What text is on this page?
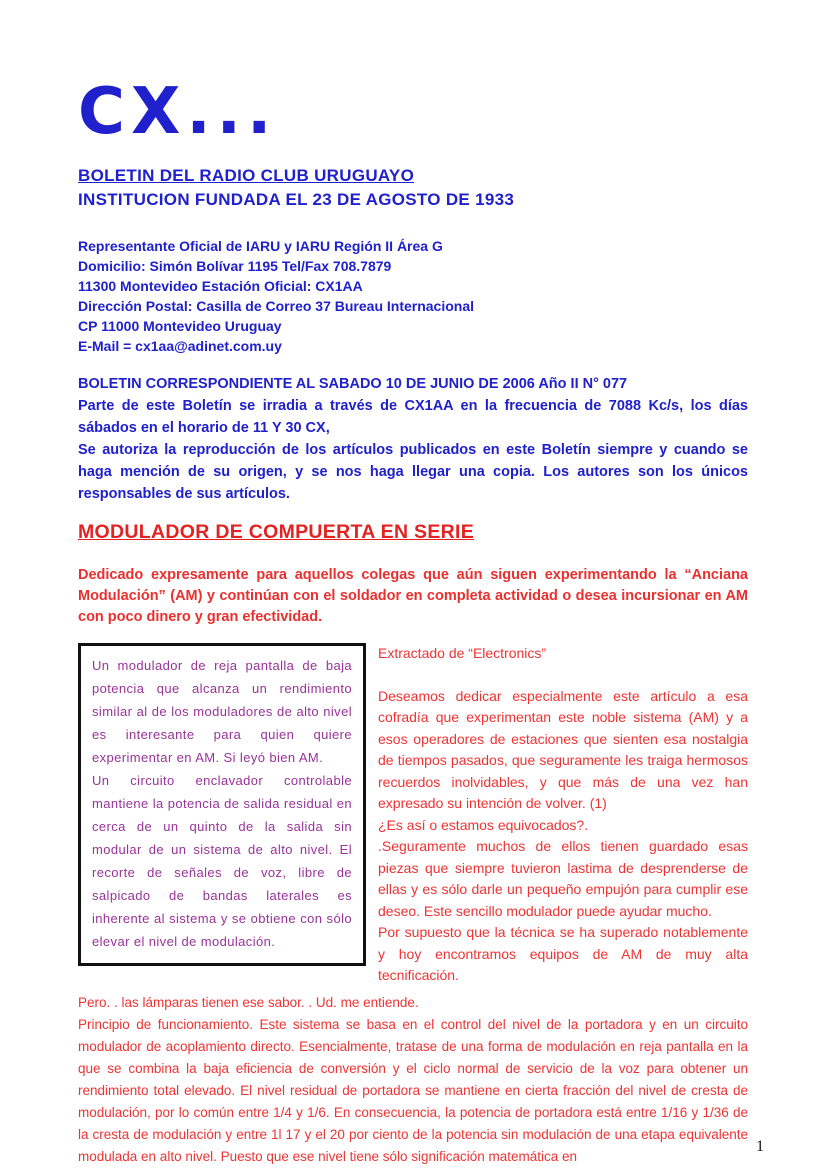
CX...
BOLETIN DEL RADIO CLUB URUGUAYO
INSTITUCION FUNDADA EL 23 DE AGOSTO DE 1933

Representante Oficial de IARU y IARU Región II Área G

Domicilio: Simón Bolívar 1195 Tel/Fax 708.7879

11300 Montevideo Estación Oficial: CX1AA

Dirección Postal: Casilla de Correo 37 Bureau Internacional

CP 11000 Montevideo Uruguay

E-Mail = cx1aa@adinet.com.uy

BOLETIN CORRESPONDIENTE AL SABADO 10 DE JUNIO DE 2006 Año II N° 077

Parte de este Boletín se irradia a través de CX1AA en la frecuencia de 7088 Kc/s, los días sábados en el horario de 11 Y 30 CX,

Se autoriza la reproducción de los artículos publicados en este Boletín siempre y cuando se haga mención de su origen, y se nos haga llegar una copia. Los autores son los únicos responsables de sus artículos.

MODULADOR DE COMPUERTA EN SERIE

Dedicado expresamente para aquellos colegas que aún siguen experimentando la “Anciana Modulación” (AM) y continúan con el soldador en completa actividad o desea incursionar en AM con poco dinero y gran efectividad.

Un modulador de reja pantalla de baja potencia que alcanza un rendimiento similar al de los moduladores de alto nivel es interesante para quien quiere experimentar en AM. Si leyó bien AM.

Un circuito enclavador controlable mantiene la potencia de salida residual en cerca de un quinto de la salida sin modular de un sistema de alto nivel. El recorte de señales de voz, libre de salpicado de bandas laterales es inherente al sistema y se obtiene con sólo elevar el nivel de modulación.

Extractado de “Electronics”

Deseamos dedicar especialmente este artículo a esa cofradía que experimentan este noble sistema (AM) y a esos operadores de estaciones que sienten esa nostalgia de tiempos pasados, que seguramente les traiga hermosos recuerdos inolvidables, y que más de una vez han expresado su intención de volver. (1)

¿Es así o estamos equivocados?.

.Seguramente muchos de ellos tienen guardado esas piezas que siempre tuvieron lastima de desprenderse de ellas y es sólo darle un pequeño empujón para cumplir ese deseo. Este sencillo modulador puede ayudar mucho.

Por supuesto que la técnica se ha superado notablemente y hoy encontramos equipos de AM de muy alta tecnificación.

Pero. . las lámparas tienen ese sabor. . Ud. me entiende.

Principio de funcionamiento. Este sistema se basa en el control del nivel de la portadora y en un circuito modulador de acoplamiento directo. Esencialmente, tratase de una forma de modulación en reja pantalla en la que se combina la baja eficiencia de conversión y el ciclo normal de servicio de la voz para obtener un rendimiento total elevado. El nivel residual de portadora se mantiene en cierta fracción del nivel de cresta de modulación, por lo común entre 1/4 y 1/6. En consecuencia, la potencia de portadora está entre 1/16 y 1/36 de la cresta de modulación y entre 1l 17 y el 20 por ciento de la potencia sin modulación de una etapa equivalente modulada en alto nivel. Puesto que ese nivel tiene sólo significación matemática en

1
